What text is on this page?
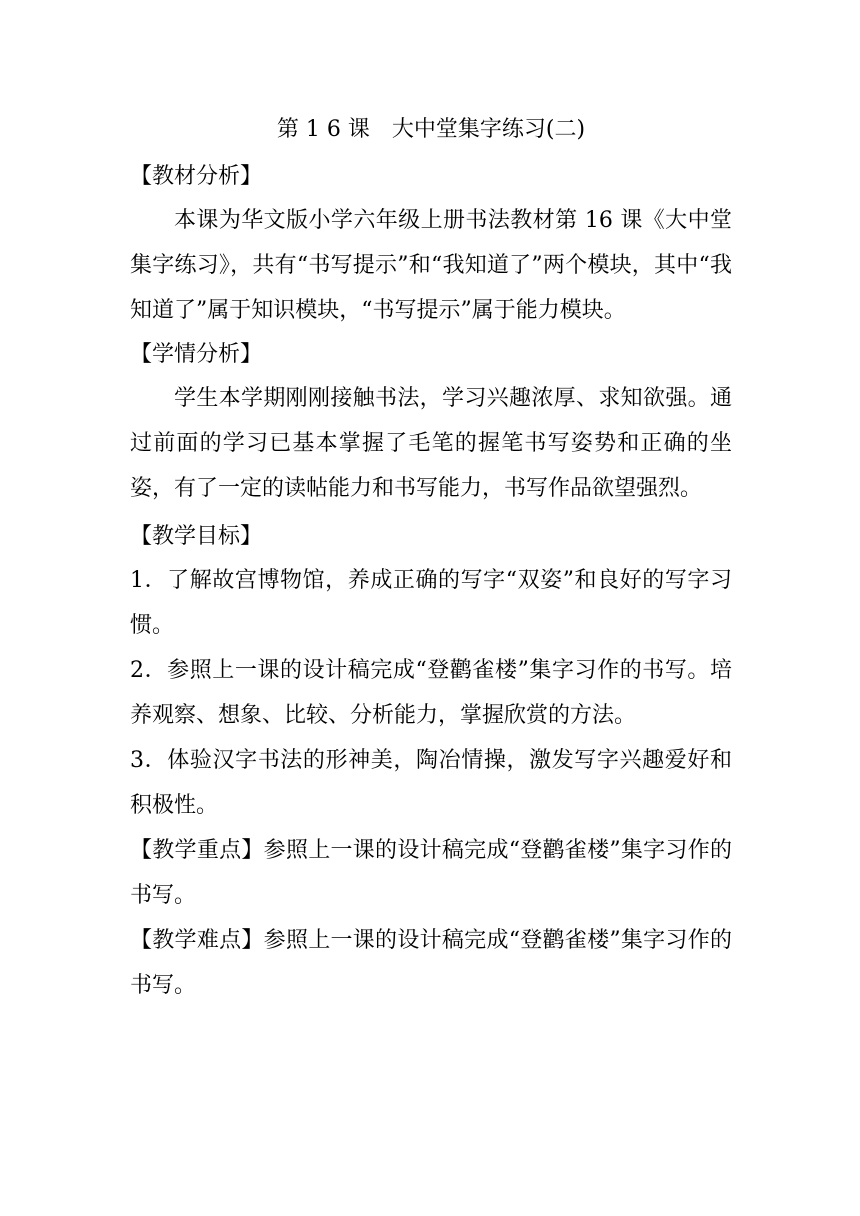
第 1 6 课　大中堂集字练习(二)
【教材分析】

本课为华文版小学六年级上册书法教材第 16 课《大中堂集字练习》，共有“书写提示”和“我知道了”两个模块，其中“我知道了”属于知识模块，“书写提示”属于能力模块。

【学情分析】

学生本学期刚刚接触书法，学习兴趣浓厚、求知欲强。通过前面的学习已基本掌握了毛笔的握笔书写姿势和正确的坐姿，有了一定的读帖能力和书写能力，书写作品欲望强烈。

【教学目标】

1．了解故宫博物馆，养成正确的写字“双姿”和良好的写字习惯。

2．参照上一课的设计稿完成“登鹳雀楼”集字习作的书写。培养观察、想象、比较、分析能力，掌握欣赏的方法。

3．体验汉字书法的形神美，陶冶情操，激发写字兴趣爱好和积极性。

【教学重点】参照上一课的设计稿完成“登鹳雀楼”集字习作的书写。

【教学难点】参照上一课的设计稿完成“登鹳雀楼”集字习作的书写。
